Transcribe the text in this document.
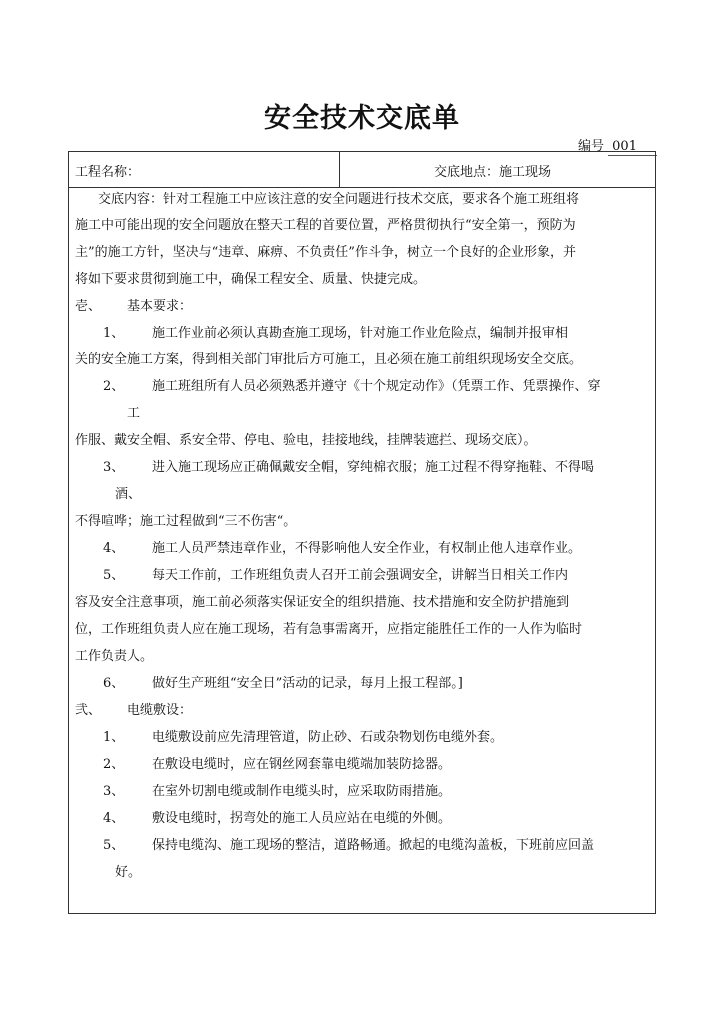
安全技术交底单
编号 001
工程名称：	交底地点：施工现场
交底内容：针对工程施工中应该注意的安全问题进行技术交底，要求各个施工班组将
施工中可能出现的安全问题放在整天工程的首要位置，严格贯彻执行“安全第一，预防为
主”的施工方针，坚决与“违章、麻痹、不负责任”作斗争，树立一个良好的企业形象，并
将如下要求贯彻到施工中，确保工程安全、质量、快捷完成。
壱、 基本要求：
1、 施工作业前必须认真勘查施工现场，针对施工作业危险点，编制并报审相
关的安全施工方案，得到相关部门审批后方可施工，且必须在施工前组织现场安全交底。
2、 施工班组所有人员必须熟悉并遵守《十个规定动作》（凭票工作、凭票操作、穿
工
作服、戴安全帽、系安全带、停电、验电，挂接地线，挂牌装遮拦、现场交底）。
3、 进入施工现场应正确佩戴安全帽，穿纯棉衣服；施工过程不得穿拖鞋、不得喝
酒、
不得喧哗；施工过程做到“三不伤害“。
4、 施工人员严禁违章作业，不得影响他人安全作业，有权制止他人违章作业。
5、 每天工作前，工作班组负责人召开工前会强调安全，讲解当日相关工作内
容及安全注意事项，施工前必须落实保证安全的组织措施、技术措施和安全防护措施到
位，工作班组负责人应在施工现场，若有急事需离开，应指定能胜任工作的一人作为临时
工作负责人。
6、 做好生产班组“安全日”活动的记录，每月上报工程部。]
弐、 电缆敷设：
1、 电缆敷设前应先清理管道，防止砂、石或杂物划伤电缆外套。
2、 在敷设电缆时，应在钢丝网套靠电缆端加装防捻器。
3、 在室外切割电缆或制作电缆头时，应采取防雨措施。
4、 敷设电缆时，拐弯处的施工人员应站在电缆的外侧。
5、 保持电缆沟、施工现场的整洁，道路畅通。掀起的电缆沟盖板，下班前应回盖
好。
